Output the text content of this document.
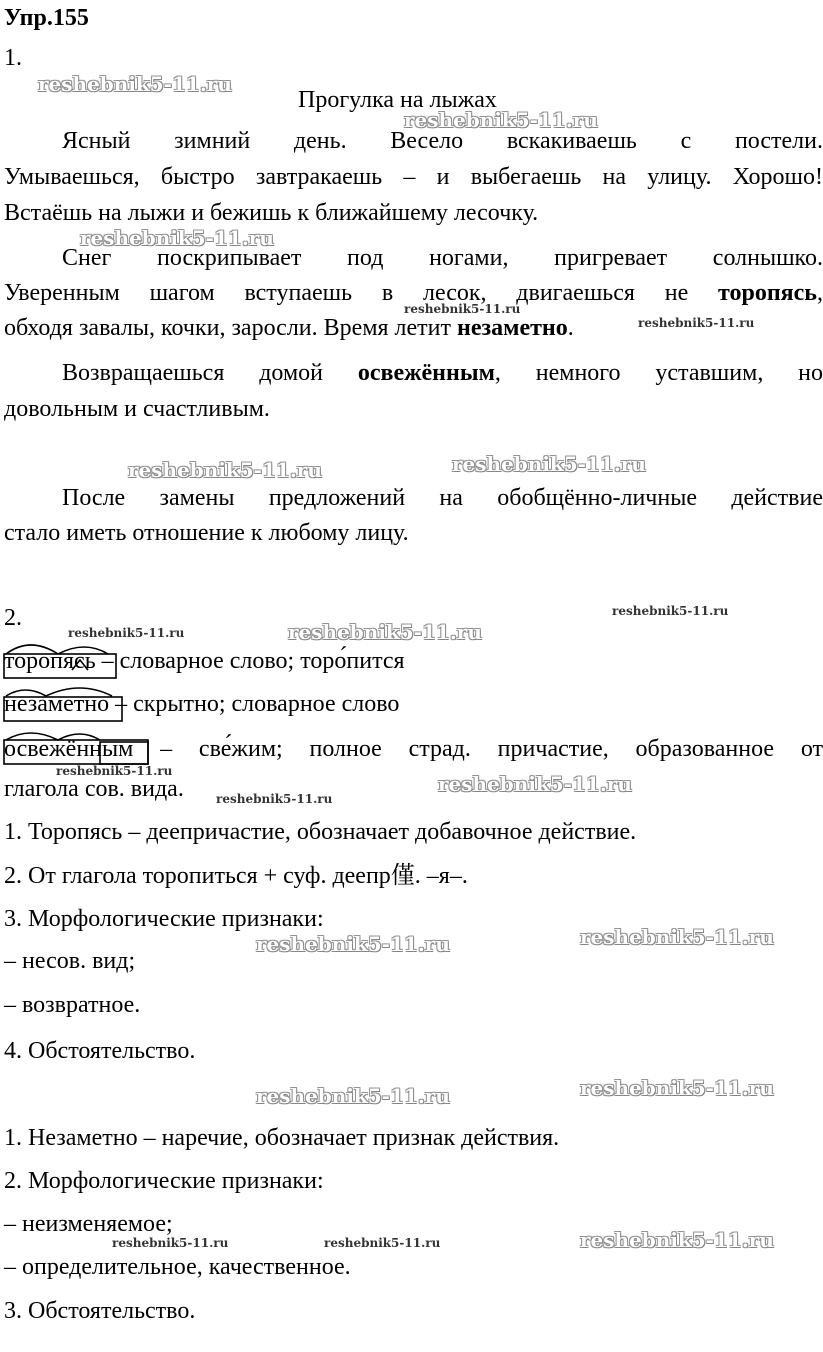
Упр.155
1.
Прогулка на лыжах
Ясный зимний день. Весело вскакиваешь с постели.
Умываешься, быстро завтракаешь – и выбегаешь на улицу. Хорошо!
Встаёшь на лыжи и бежишь к ближайшему лесочку.
Снег поскрипывает под ногами, пригревает солнышко.
Уверенным шагом вступаешь в лесок, двигаешься не торопясь,
обходя завалы, кочки, заросли. Время летит незаметно.
Возвращаешься домой освежённым, немного уставшим, но
довольным и счастливым.
После замены предложений на обобщённо-личные действие
стало иметь отношение к любому лицу.
2.
торопясь – словарное слово; торо́пится
незаметно – скрытно; словарное слово
освежённым – све́жим; полное страд. причастие, образованное от
глагола сов. вида.
1. Торопясь – деепричастие, обозначает добавочное действие.
2. От глагола торопиться + суф. деепр僅. –я–.
3. Морфологические признаки:
– несов. вид;
– возвратное.
4. Обстоятельство.
1. Незаметно – наречие, обозначает признак действия.
2. Морфологические признаки:
– неизменяемое;
– определительное, качественное.
3. Обстоятельство.
reshebnik5-11.ru
reshebnik5-11.ru
reshebnik5-11.ru
reshebnik5-11.ru
reshebnik5-11.ru
reshebnik5-11.ru	reshebnik5-11.ru
reshebnik5-11.ru
reshebnik5-11.ru	reshebnik5-11.ru
reshebnik5-11.ru
reshebnik5-11.ru
reshebnik5-11.ru
reshebnik5-11.ru	reshebnik5-11.ru
reshebnik5-11.ru	reshebnik5-11.ru
reshebnik5-11.ru	reshebnik5-11.ru	reshebnik5-11.ru
